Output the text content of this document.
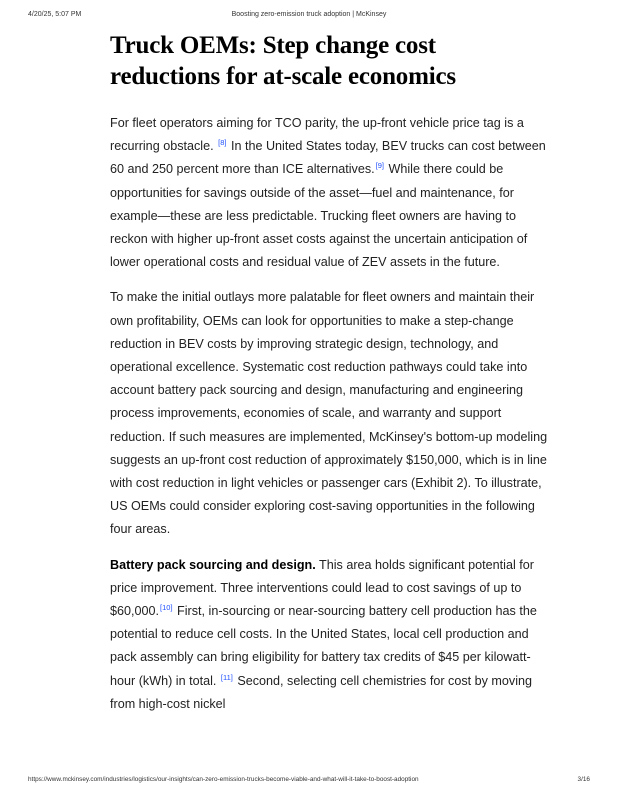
4/20/25, 5:07 PM	Boosting zero-emission truck adoption | McKinsey
Truck OEMs: Step change cost reductions for at-scale economics

For fleet operators aiming for TCO parity, the up-front vehicle price tag is a recurring obstacle. [8] In the United States today, BEV trucks can cost between 60 and 250 percent more than ICE alternatives.[9] While there could be opportunities for savings outside of the asset—fuel and maintenance, for example—these are less predictable. Trucking fleet owners are having to reckon with higher up-front asset costs against the uncertain anticipation of lower operational costs and residual value of ZEV assets in the future.

To make the initial outlays more palatable for fleet owners and maintain their own profitability, OEMs can look for opportunities to make a step-change reduction in BEV costs by improving strategic design, technology, and operational excellence. Systematic cost reduction pathways could take into account battery pack sourcing and design, manufacturing and engineering process improvements, economies of scale, and warranty and support reduction. If such measures are implemented, McKinsey's bottom-up modeling suggests an up-front cost reduction of approximately $150,000, which is in line with cost reduction in light vehicles or passenger cars (Exhibit 2). To illustrate, US OEMs could consider exploring cost-saving opportunities in the following four areas.

Battery pack sourcing and design. This area holds significant potential for price improvement. Three interventions could lead to cost savings of up to $60,000.[10] First, in-sourcing or near-sourcing battery cell production has the potential to reduce cell costs. In the United States, local cell production and pack assembly can bring eligibility for battery tax credits of $45 per kilowatt-hour (kWh) in total. [11] Second, selecting cell chemistries for cost by moving from high-cost nickel

https://www.mckinsey.com/industries/logistics/our-insights/can-zero-emission-trucks-become-viable-and-what-will-it-take-to-boost-adoption	3/16
